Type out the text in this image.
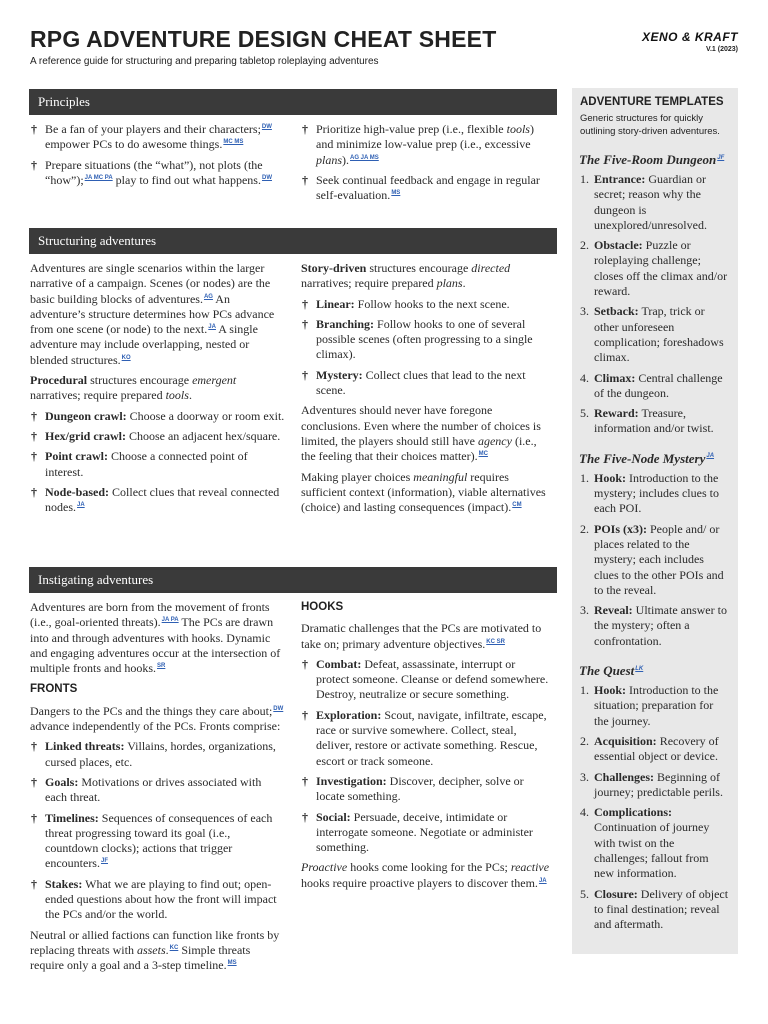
RPG ADVENTURE DESIGN CHEAT SHEET
A reference guide for structuring and preparing tabletop roleplaying adventures
XENO & KRAFT
V.1 (2023)
Principles
† Be a fan of your players and their characters;$^{DW}$ empower PCs to do awesome things.$^{MC MS}$
† Prepare situations (the “what”), not plots (the “how”);$^{JA MC PA}$ play to find out what happens.$^{DW}$
† Prioritize high-value prep (i.e., flexible tools) and minimize low-value prep (i.e., excessive plans).$^{AG JA MS}$
† Seek continual feedback and engage in regular self-evaluation.$^{MS}$
Structuring adventures

Adventures are single scenarios within the larger narrative of a campaign. Scenes (or nodes) are the basic building blocks of adventures.$^{AG}$ An adventure’s structure determines how PCs advance from one scene (or node) to the next.$^{JA}$ A single adventure may include overlapping, nested or blended structures.$^{KO}$

Procedural structures encourage emergent narratives; require prepared tools.

† Dungeon crawl: Choose a doorway or room exit.
† Hex/grid crawl: Choose an adjacent hex/square.
† Point crawl: Choose a connected point of interest.
† Node-based: Collect clues that reveal connected nodes.$^{JA}$

Story-driven structures encourage directed narratives; require prepared plans.

† Linear: Follow hooks to the next scene.
† Branching: Follow hooks to one of several possible scenes (often progressing to a single climax).
† Mystery: Collect clues that lead to the next scene.

Adventures should never have foregone conclusions. Even where the number of choices is limited, the players should still have agency (i.e., the feeling that their choices matter).$^{MC}$

Making player choices meaningful requires sufficient context (information), viable alternatives (choice) and lasting consequences (impact).$^{CM}$

Instigating adventures

Adventures are born from the movement of fronts (i.e., goal-oriented threats).$^{JA PA}$ The PCs are drawn into and through adventures with hooks. Dynamic and engaging adventures occur at the intersection of multiple fronts and hooks.$^{SR}$

FRONTS

Dangers to the PCs and the things they care about;$^{DW}$ advance independently of the PCs. Fronts comprise:

† Linked threats: Villains, hordes, organizations, cursed places, etc.
† Goals: Motivations or drives associated with each threat.
† Timelines: Sequences of consequences of each threat progressing toward its goal (i.e., countdown clocks); actions that trigger encounters.$^{JF}$
† Stakes: What we are playing to find out; open-ended questions about how the front will impact the PCs and/or the world.

Neutral or allied factions can function like fronts by replacing threats with assets.$^{KC}$ Simple threats require only a goal and a 3-step timeline.$^{MS}$

HOOKS

Dramatic challenges that the PCs are motivated to take on; primary adventure objectives.$^{KC SR}$

† Combat: Defeat, assassinate, interrupt or protect someone. Cleanse or defend somewhere. Destroy, neutralize or secure something.
† Exploration: Scout, navigate, infiltrate, escape, race or survive somewhere. Collect, steal, deliver, restore or activate something. Rescue, escort or track someone.
† Investigation: Discover, decipher, solve or locate something.
† Social: Persuade, deceive, intimidate or interrogate someone. Negotiate or administer something.

Proactive hooks come looking for the PCs; reactive hooks require proactive players to discover them.$^{JA}$

ADVENTURE TEMPLATES
Generic structures for quickly outlining story-driven adventures.
The Five-Room Dungeon$^{JF}$
1. Entrance: Guardian or secret; reason why the dungeon is unexplored/unresolved.
2. Obstacle: Puzzle or roleplaying challenge; closes off the climax and/or reward.
3. Setback: Trap, trick or other unforeseen complication; foreshadows climax.
4. Climax: Central challenge of the dungeon.
5. Reward: Treasure, information and/or twist.
The Five-Node Mystery$^{JA}$
1. Hook: Introduction to the mystery; includes clues to each POI.
2. POIs (x3): People and/ or places related to the mystery; each includes clues to the other POIs and to the reveal.
3. Reveal: Ultimate answer to the mystery; often a confrontation.
The Quest$^{LK}$
1. Hook: Introduction to the situation; preparation for the journey.
2. Acquisition: Recovery of essential object or device.
3. Challenges: Beginning of journey; predictable perils.
4. Complications: Continuation of journey with twist on the challenges; fallout from new information.
5. Closure: Delivery of object to final destination; reveal and aftermath.
